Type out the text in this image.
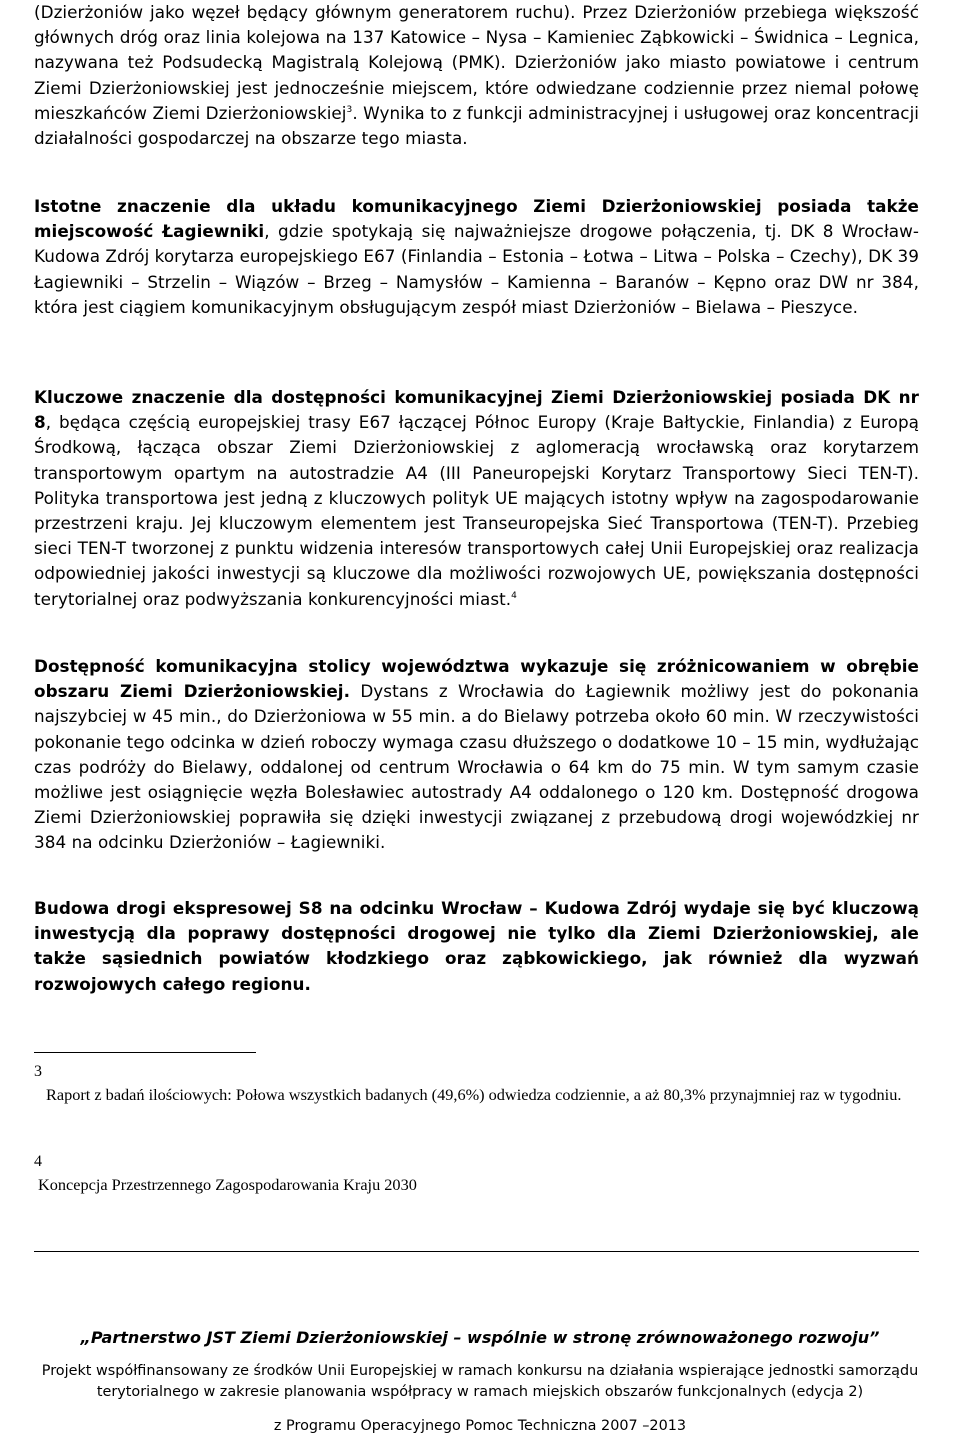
(Dzierżoniów jako węzeł będący głównym generatorem ruchu). Przez Dzierżoniów przebiega większość głównych dróg oraz linia kolejowa na 137 Katowice – Nysa – Kamieniec Ząbkowicki – Świdnica – Legnica, nazywana też Podsudecką Magistralą Kolejową (PMK). Dzierżoniów jako miasto powiatowe i centrum Ziemi Dzierżoniowskiej jest jednocześnie miejscem, które odwiedzane codziennie przez niemal połowę mieszkańców Ziemi Dzierżoniowskiej$^3$. Wynika to z funkcji administracyjnej i usługowej oraz koncentracji działalności gospodarczej na obszarze tego miasta.
Istotne znaczenie dla układu komunikacyjnego Ziemi Dzierżoniowskiej posiada także miejscowość Łagiewniki, gdzie spotykają się najważniejsze drogowe połączenia, tj. DK 8 Wrocław-Kudowa Zdrój korytarza europejskiego E67 (Finlandia – Estonia – Łotwa – Litwa – Polska – Czechy), DK 39 Łagiewniki – Strzelin – Wiązów – Brzeg – Namysłów – Kamienna – Baranów – Kępno oraz DW nr 384, która jest ciągiem komunikacyjnym obsługującym zespół miast Dzierżoniów – Bielawa – Pieszyce.
Kluczowe znaczenie dla dostępności komunikacyjnej Ziemi Dzierżoniowskiej posiada DK nr 8, będąca częścią europejskiej trasy E67 łączącej Północ Europy (Kraje Bałtyckie, Finlandia) z Europą Środkową, łącząca obszar Ziemi Dzierżoniowskiej z aglomeracją wrocławską oraz korytarzem transportowym opartym na autostradzie A4 (III Paneuropejski Korytarz Transportowy Sieci TEN-T). Polityka transportowa jest jedną z kluczowych polityk UE mających istotny wpływ na zagospodarowanie przestrzeni kraju. Jej kluczowym elementem jest Transeuropejska Sieć Transportowa (TEN-T). Przebieg sieci TEN-T tworzonej z punktu widzenia interesów transportowych całej Unii Europejskiej oraz realizacja odpowiedniej jakości inwestycji są kluczowe dla możliwości rozwojowych UE, powiększania dostępności terytorialnej oraz podwyższania konkurencyjności miast.$^4$
Dostępność komunikacyjna stolicy województwa wykazuje się zróżnicowaniem w obrębie obszaru Ziemi Dzierżoniowskiej. Dystans z Wrocławia do Łagiewnik możliwy jest do pokonania najszybciej w 45 min., do Dzierżoniowa w 55 min. a do Bielawy potrzeba około 60 min. W rzeczywistości pokonanie tego odcinka w dzień roboczy wymaga czasu dłuższego o dodatkowe 10 – 15 min, wydłużając czas podróży do Bielawy, oddalonej od centrum Wrocławia o 64 km do 75 min. W tym samym czasie możliwe jest osiągnięcie węzła Bolesławiec autostrady A4 oddalonego o 120 km. Dostępność drogowa Ziemi Dzierżoniowskiej poprawiła się dzięki inwestycji związanej z przebudową drogi wojewódzkiej nr 384 na odcinku Dzierżoniów – Łagiewniki.
Budowa drogi ekspresowej S8 na odcinku Wrocław – Kudowa Zdrój wydaje się być kluczową inwestycją dla poprawy dostępności drogowej nie tylko dla Ziemi Dzierżoniowskiej, ale także sąsiednich powiatów kłodzkiego oraz ząbkowickiego, jak również dla wyzwań rozwojowych całego regionu.
3
Raport z badań ilościowych: Połowa wszystkich badanych (49,6%) odwiedza codziennie, a aż 80,3% przynajmniej raz w tygodniu.
4
Koncepcja Przestrzennego Zagospodarowania Kraju 2030
„Partnerstwo JST Ziemi Dzierżoniowskiej – wspólnie w stronę zrównoważonego rozwoju”
Projekt współfinansowany ze środków Unii Europejskiej w ramach konkursu na działania wspierające jednostki samorządu
terytorialnego w zakresie planowania współpracy w ramach miejskich obszarów funkcjonalnych (edycja 2)
z Programu Operacyjnego Pomoc Techniczna 2007 –2013
